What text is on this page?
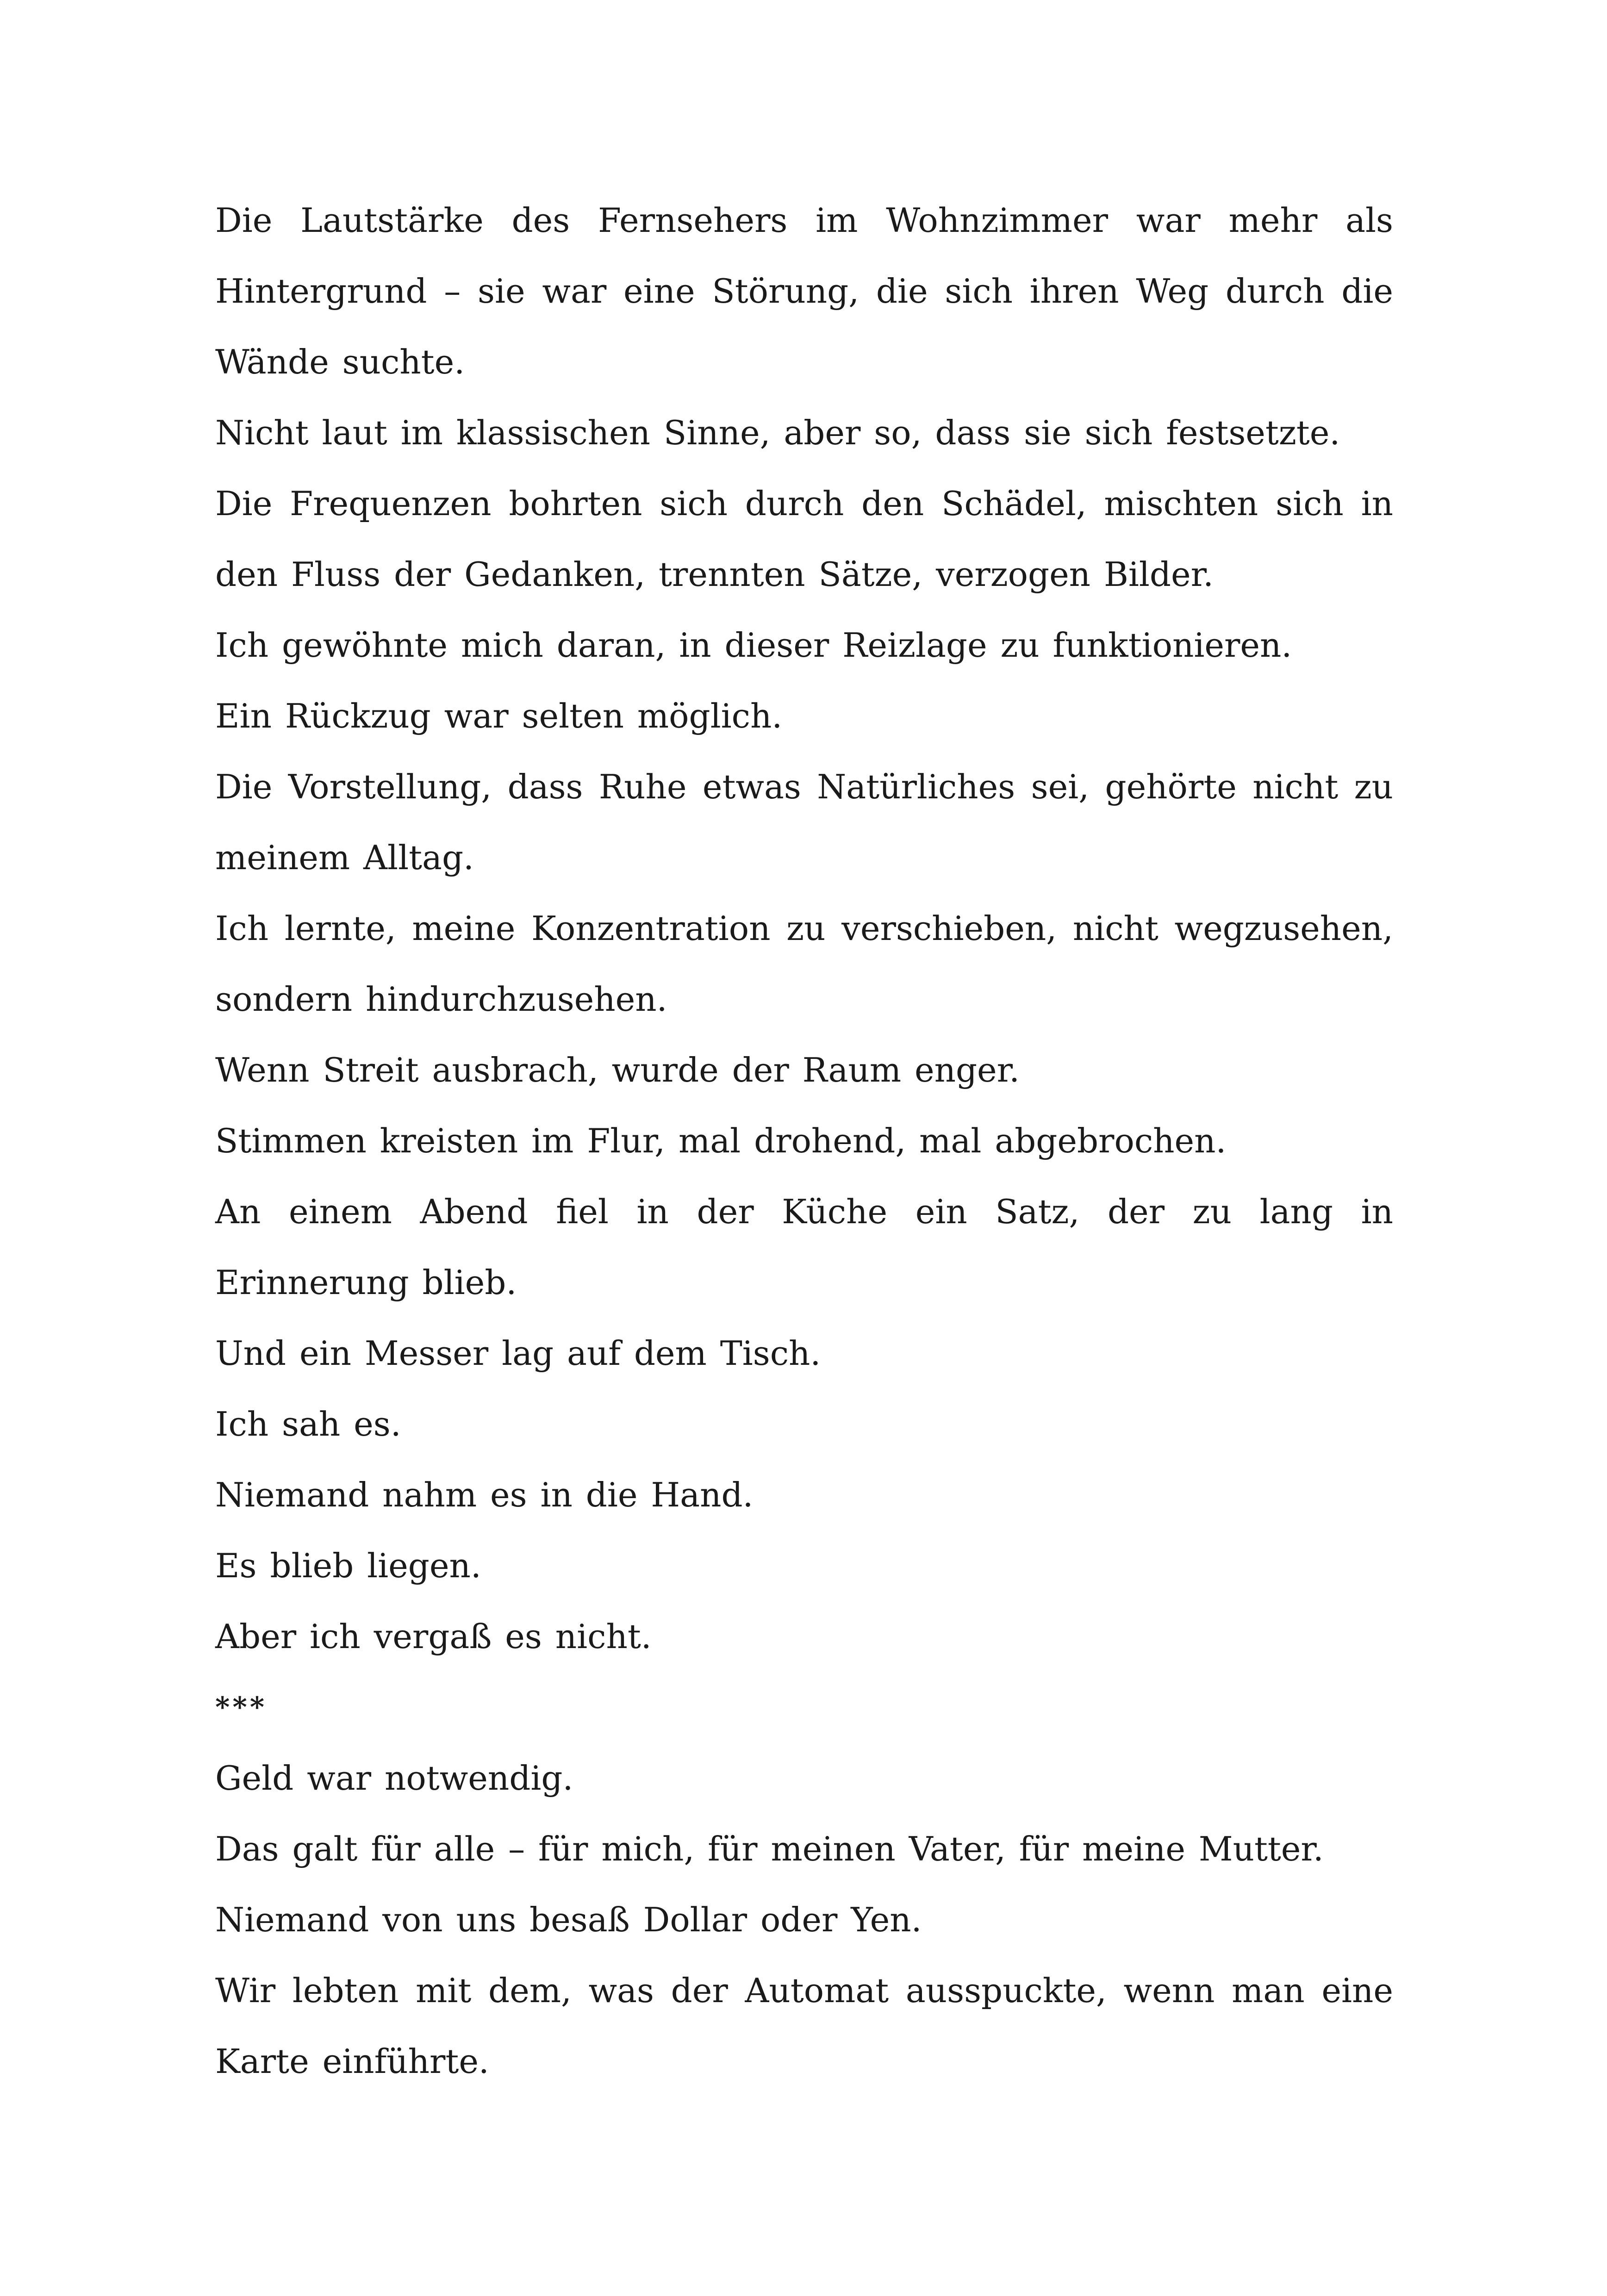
Die Lautstärke des Fernsehers im Wohnzimmer war mehr als Hintergrund – sie war eine Störung, die sich ihren Weg durch die Wände suchte.

Nicht laut im klassischen Sinne, aber so, dass sie sich festsetzte.

Die Frequenzen bohrten sich durch den Schädel, mischten sich in den Fluss der Gedanken, trennten Sätze, verzogen Bilder.

Ich gewöhnte mich daran, in dieser Reizlage zu funktionieren.

Ein Rückzug war selten möglich.

Die Vorstellung, dass Ruhe etwas Natürliches sei, gehörte nicht zu meinem Alltag.

Ich lernte, meine Konzentration zu verschieben, nicht wegzusehen, sondern hindurchzusehen.

Wenn Streit ausbrach, wurde der Raum enger.

Stimmen kreisten im Flur, mal drohend, mal abgebrochen.

An einem Abend fiel in der Küche ein Satz, der zu lang in Erinnerung blieb.

Und ein Messer lag auf dem Tisch.

Ich sah es.

Niemand nahm es in die Hand.

Es blieb liegen.

Aber ich vergaß es nicht.

***

Geld war notwendig.

Das galt für alle – für mich, für meinen Vater, für meine Mutter.

Niemand von uns besaß Dollar oder Yen.

Wir lebten mit dem, was der Automat ausspuckte, wenn man eine Karte einführte.
